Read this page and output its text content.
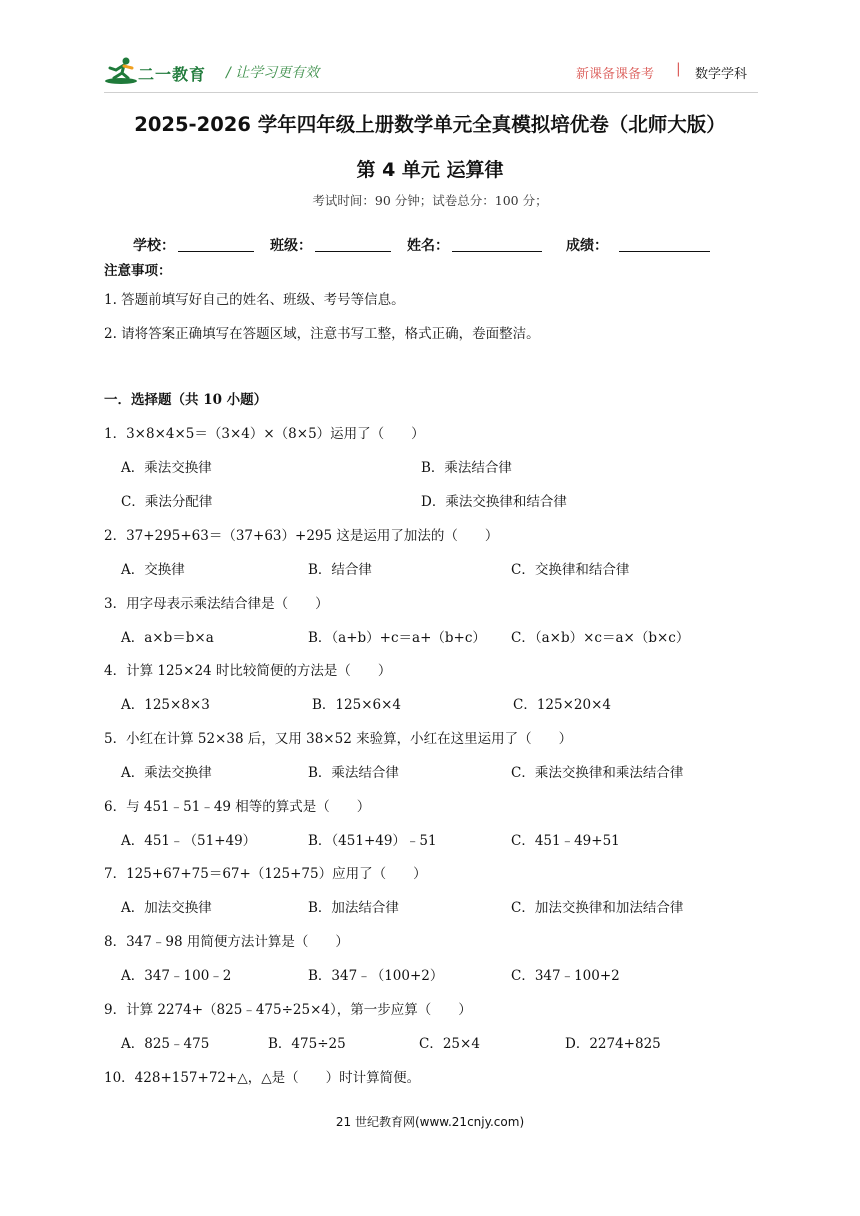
二一教育 / 让学习更有效	新课备课备考 | 数学学科
2025-2026 学年四年级上册数学单元全真模拟培优卷（北师大版）
第 4 单元 运算律
考试时间：90 分钟；试卷总分：100 分；
学校：	班级：	姓名：	成绩：
注意事项：
1. 答题前填写好自己的姓名、班级、考号等信息。
2. 请将答案正确填写在答题区域，注意书写工整，格式正确，卷面整洁。
一．选择题（共 10 小题）
1．3×8×4×5＝（3×4）×（8×5）运用了（　　）
A．乘法交换律	B．乘法结合律
C．乘法分配律	D．乘法交换律和结合律
2．37+295+63＝（37+63）+295 这是运用了加法的（　　）
A．交换律	B．结合律	C．交换律和结合律
3．用字母表示乘法结合律是（　　）
A．a×b＝b×a	B．（a+b）+c＝a+（b+c） C．（a×b）×c＝a×（b×c）
4．计算 125×24 时比较简便的方法是（　　）
A．125×8×3	B．125×6×4	C．125×20×4
5．小红在计算 52×38 后，又用 38×52 来验算，小红在这里运用了（　　）
A．乘法交换律	B．乘法结合律	C．乘法交换律和乘法结合律
6．与 451﹣51﹣49 相等的算式是（　　）
A．451﹣（51+49）	B．（451+49）﹣51	C．451﹣49+51
7．125+67+75＝67+（125+75）应用了（　　）
A．加法交换律	B．加法结合律	C．加法交换律和加法结合律
8．347﹣98 用简便方法计算是（　　）
A．347﹣100﹣2	B．347﹣（100+2）	C．347﹣100+2
9．计算 2274+（825﹣475÷25×4），第一步应算（　　）
A．825﹣475	B．475÷25	C．25×4	D．2274+825
10．428+157+72+△，△是（　　）时计算简便。
21 世纪教育网(www.21cnjy.com)
